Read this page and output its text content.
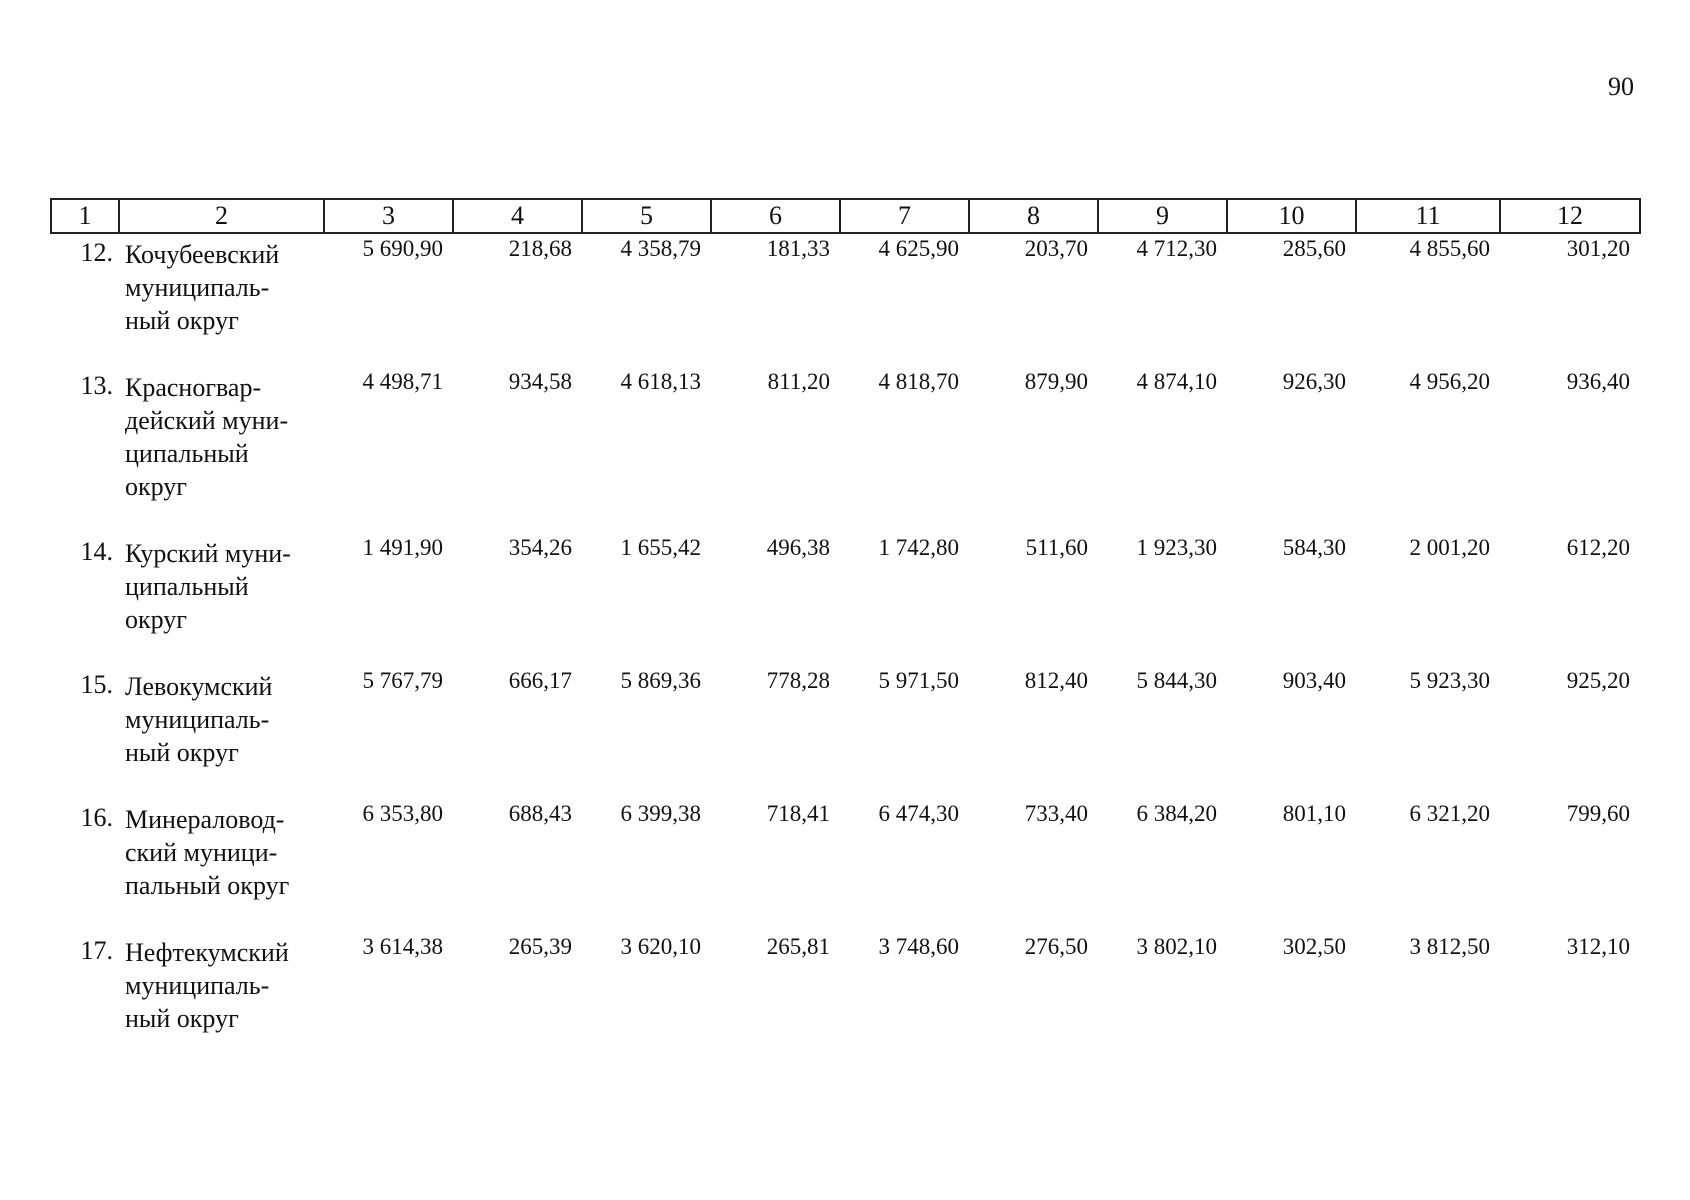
90
1	2	3	4	5	6	7	8	9	10	11	12
12.	Кочубеевский
муниципаль-
ный округ	5 690,90	218,68	4 358,79	181,33	4 625,90	203,70	4 712,30	285,60	4 855,60	301,20
13.	Красногвар-
дейский муни-
ципальный
округ	4 498,71	934,58	4 618,13	811,20	4 818,70	879,90	4 874,10	926,30	4 956,20	936,40
14.	Курский муни-
ципальный
округ	1 491,90	354,26	1 655,42	496,38	1 742,80	511,60	1 923,30	584,30	2 001,20	612,20
15.	Левокумский
муниципаль-
ный округ	5 767,79	666,17	5 869,36	778,28	5 971,50	812,40	5 844,30	903,40	5 923,30	925,20
16.	Минераловод-
ский муници-
пальный округ	6 353,80	688,43	6 399,38	718,41	6 474,30	733,40	6 384,20	801,10	6 321,20	799,60
17.	Нефтекумский
муниципаль-
ный округ	3 614,38	265,39	3 620,10	265,81	3 748,60	276,50	3 802,10	302,50	3 812,50	312,10
